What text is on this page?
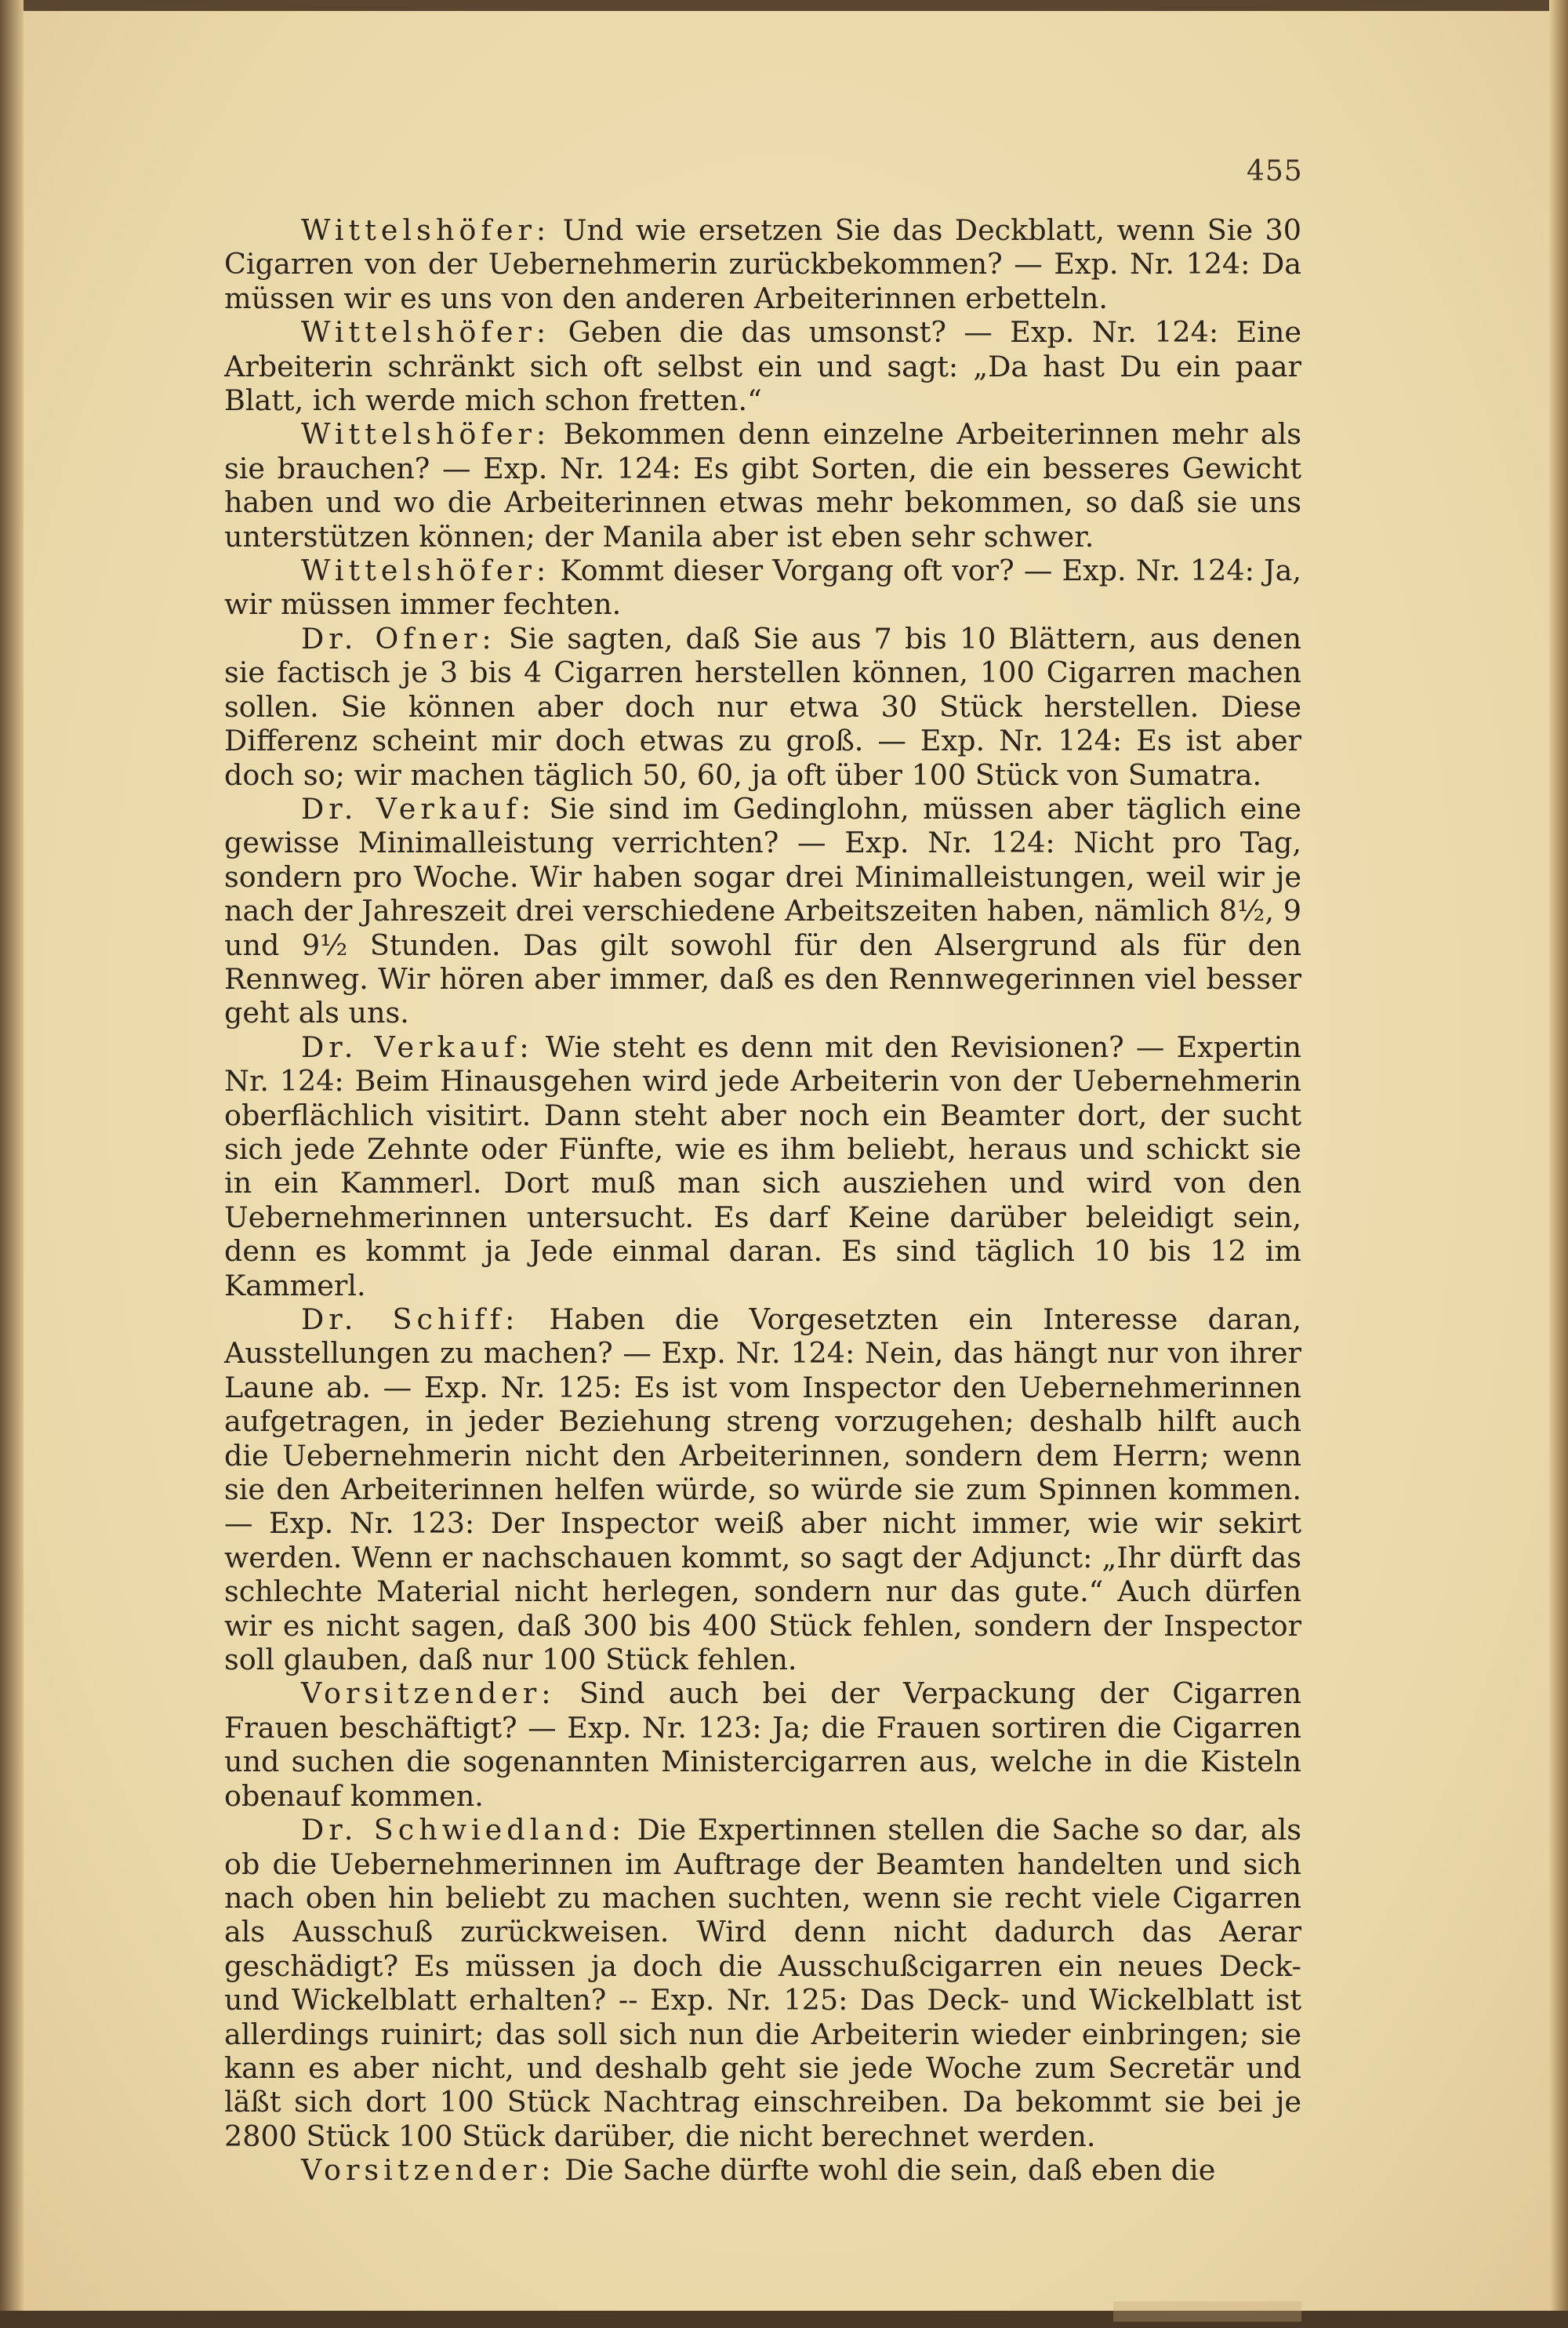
455

Wittelshöfer: Und wie ersetzen Sie das Deckblatt, wenn Sie 30 Cigarren von der Uebernehmerin zurückbekommen? — Exp. Nr. 124: Da müssen wir es uns von den anderen Arbeiterinnen erbetteln.

Wittelshöfer: Geben die das umsonst? — Exp. Nr. 124: Eine Arbeiterin schränkt sich oft selbst ein und sagt: „Da hast Du ein paar Blatt, ich werde mich schon fretten.“

Wittelshöfer: Bekommen denn einzelne Arbeiterinnen mehr als sie brauchen? — Exp. Nr. 124: Es gibt Sorten, die ein besseres Gewicht haben und wo die Arbeiterinnen etwas mehr bekommen, so daß sie uns unterstützen können; der Manila aber ist eben sehr schwer.

Wittelshöfer: Kommt dieser Vorgang oft vor? — Exp. Nr. 124: Ja, wir müssen immer fechten.

Dr. Ofner: Sie sagten, daß Sie aus 7 bis 10 Blättern, aus denen sie factisch je 3 bis 4 Cigarren herstellen können, 100 Cigarren machen sollen. Sie können aber doch nur etwa 30 Stück herstellen. Diese Differenz scheint mir doch etwas zu groß. — Exp. Nr. 124: Es ist aber doch so; wir machen täglich 50, 60, ja oft über 100 Stück von Sumatra.

Dr. Verkauf: Sie sind im Gedinglohn, müssen aber täglich eine gewisse Minimalleistung verrichten? — Exp. Nr. 124: Nicht pro Tag, sondern pro Woche. Wir haben sogar drei Minimalleistungen, weil wir je nach der Jahreszeit drei verschiedene Arbeitszeiten haben, nämlich 8½, 9 und 9½ Stunden. Das gilt sowohl für den Alsergrund als für den Rennweg. Wir hören aber immer, daß es den Rennwegerinnen viel besser geht als uns.

Dr. Verkauf: Wie steht es denn mit den Revisionen? — Expertin Nr. 124: Beim Hinausgehen wird jede Arbeiterin von der Uebernehmerin oberflächlich visitirt. Dann steht aber noch ein Beamter dort, der sucht sich jede Zehnte oder Fünfte, wie es ihm beliebt, heraus und schickt sie in ein Kammerl. Dort muß man sich ausziehen und wird von den Uebernehmerinnen untersucht. Es darf Keine darüber beleidigt sein, denn es kommt ja Jede einmal daran. Es sind täglich 10 bis 12 im Kammerl.

Dr. Schiff: Haben die Vorgesetzten ein Interesse daran, Ausstellungen zu machen? — Exp. Nr. 124: Nein, das hängt nur von ihrer Laune ab. — Exp. Nr. 125: Es ist vom Inspector den Uebernehmerinnen aufgetragen, in jeder Beziehung streng vorzugehen; deshalb hilft auch die Uebernehmerin nicht den Arbeiterinnen, sondern dem Herrn; wenn sie den Arbeiterinnen helfen würde, so würde sie zum Spinnen kommen. — Exp. Nr. 123: Der Inspector weiß aber nicht immer, wie wir sekirt werden. Wenn er nachschauen kommt, so sagt der Adjunct: „Ihr dürft das schlechte Material nicht herlegen, sondern nur das gute.“ Auch dürfen wir es nicht sagen, daß 300 bis 400 Stück fehlen, sondern der Inspector soll glauben, daß nur 100 Stück fehlen.

Vorsitzender: Sind auch bei der Verpackung der Cigarren Frauen beschäftigt? — Exp. Nr. 123: Ja; die Frauen sortiren die Cigarren und suchen die sogenannten Ministercigarren aus, welche in die Kisteln obenauf kommen.

Dr. Schwiedland: Die Expertinnen stellen die Sache so dar, als ob die Uebernehmerinnen im Auftrage der Beamten handelten und sich nach oben hin beliebt zu machen suchten, wenn sie recht viele Cigarren als Ausschuß zurückweisen. Wird denn nicht dadurch das Aerar geschädigt? Es müssen ja doch die Ausschußcigarren ein neues Deck- und Wickelblatt erhalten? -- Exp. Nr. 125: Das Deck- und Wickelblatt ist allerdings ruinirt; das soll sich nun die Arbeiterin wieder einbringen; sie kann es aber nicht, und deshalb geht sie jede Woche zum Secretär und läßt sich dort 100 Stück Nachtrag einschreiben. Da bekommt sie bei je 2800 Stück 100 Stück darüber, die nicht berechnet werden.

Vorsitzender: Die Sache dürfte wohl die sein, daß eben die
